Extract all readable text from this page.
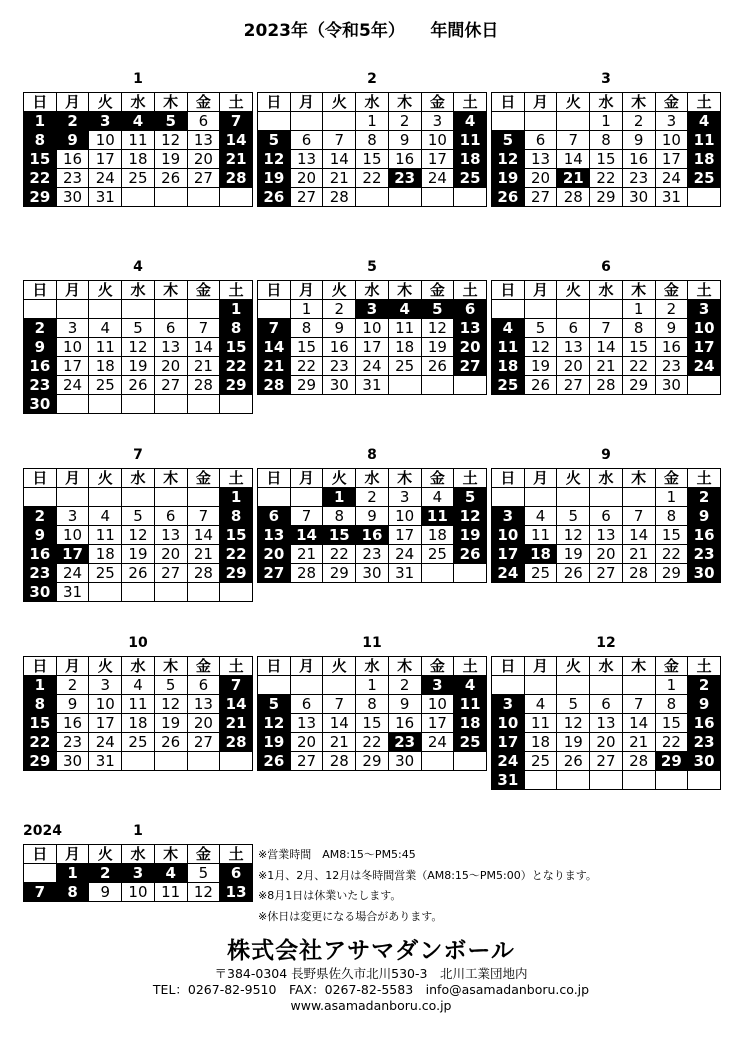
2023年（令和5年）　　年間休日
1
日	月	火	水	木	金	土
1	2	3	4	5	6	7
8	9	10	11	12	13	14
15	16	17	18	19	20	21
22	23	24	25	26	27	28
29	30	31				
2
日	月	火	水	木	金	土
			1	2	3	4
5	6	7	8	9	10	11
12	13	14	15	16	17	18
19	20	21	22	23	24	25
26	27	28				
3
日	月	火	水	木	金	土
			1	2	3	4
5	6	7	8	9	10	11
12	13	14	15	16	17	18
19	20	21	22	23	24	25
26	27	28	29	30	31	
4
日	月	火	水	木	金	土
						1
2	3	4	5	6	7	8
9	10	11	12	13	14	15
16	17	18	19	20	21	22
23	24	25	26	27	28	29
30						
5
日	月	火	水	木	金	土
	1	2	3	4	5	6
7	8	9	10	11	12	13
14	15	16	17	18	19	20
21	22	23	24	25	26	27
28	29	30	31			
6
日	月	火	水	木	金	土
				1	2	3
4	5	6	7	8	9	10
11	12	13	14	15	16	17
18	19	20	21	22	23	24
25	26	27	28	29	30	
7
日	月	火	水	木	金	土
						1
2	3	4	5	6	7	8
9	10	11	12	13	14	15
16	17	18	19	20	21	22
23	24	25	26	27	28	29
30	31					
8
日	月	火	水	木	金	土
		1	2	3	4	5
6	7	8	9	10	11	12
13	14	15	16	17	18	19
20	21	22	23	24	25	26
27	28	29	30	31		
9
日	月	火	水	木	金	土
					1	2
3	4	5	6	7	8	9
10	11	12	13	14	15	16
17	18	19	20	21	22	23
24	25	26	27	28	29	30
10
日	月	火	水	木	金	土
1	2	3	4	5	6	7
8	9	10	11	12	13	14
15	16	17	18	19	20	21
22	23	24	25	26	27	28
29	30	31				
11
日	月	火	水	木	金	土
			1	2	3	4
5	6	7	8	9	10	11
12	13	14	15	16	17	18
19	20	21	22	23	24	25
26	27	28	29	30		
12
日	月	火	水	木	金	土
					1	2
3	4	5	6	7	8	9
10	11	12	13	14	15	16
17	18	19	20	21	22	23
24	25	26	27	28	29	30
31						
2024	1
日	月	火	水	木	金	土
	1	2	3	4	5	6
7	8	9	10	11	12	13
※営業時間　AM8:15～PM5:45
※1月、2月、12月は冬時間営業（AM8:15～PM5:00）となります。
※8月1日は休業いたします。
※休日は変更になる場合があります。
株式会社アサマダンボール
〒384-0304 長野県佐久市北川530-3　北川工業団地内
TEL：0267-82-9510　FAX：0267-82-5583　info@asamadanboru.co.jp
www.asamadanboru.co.jp
